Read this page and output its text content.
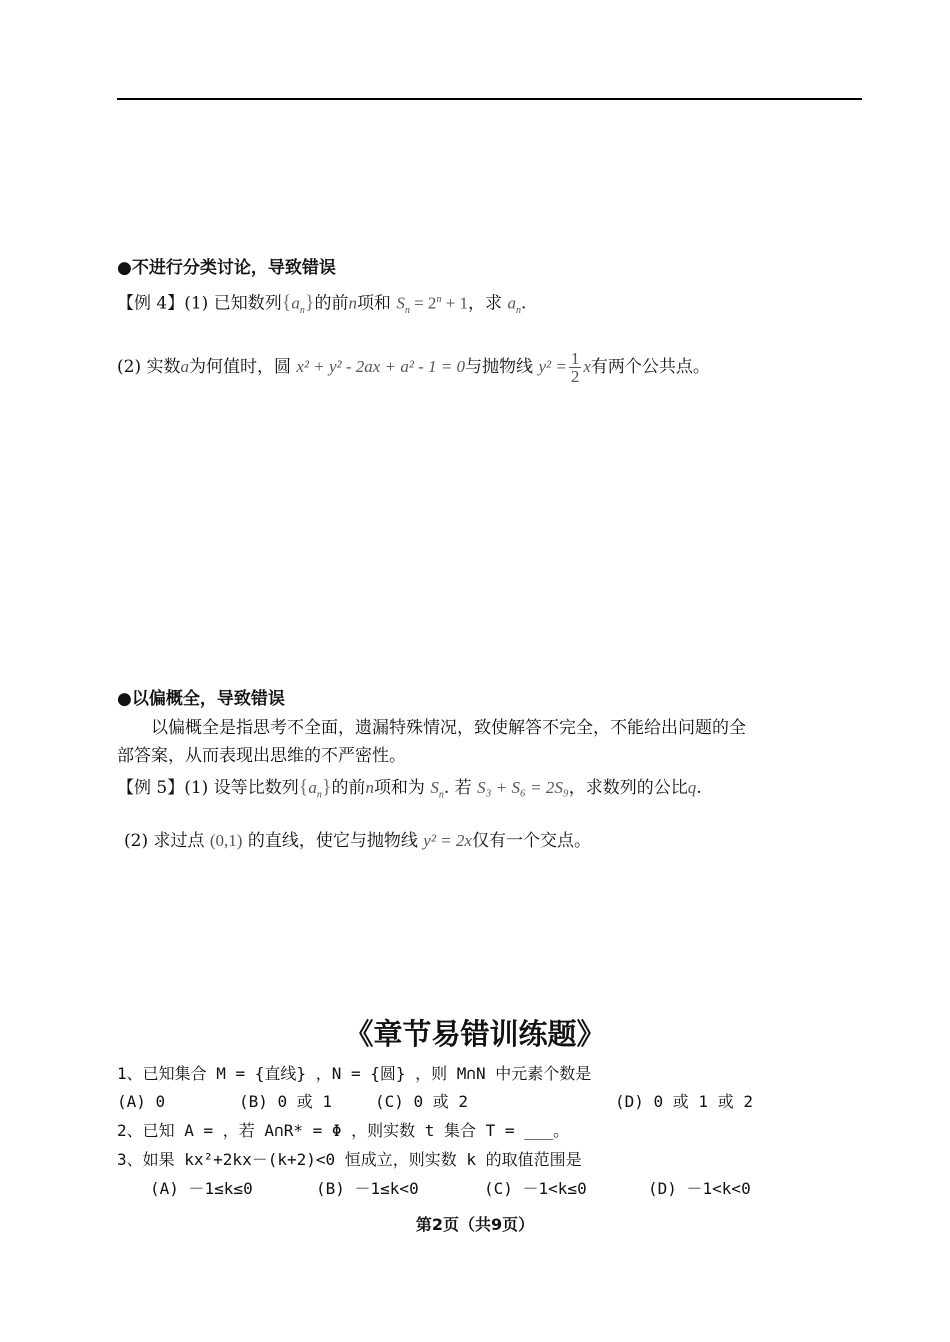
●不进行分类讨论，导致错误
【例 4】(1) 已知数列$\{a_n\}$的前n项和 $S_n = 2^n + 1$，求 $a_n$.
(2) 实数a为何值时，圆 x² + y² - 2ax + a² - 1 = 0与抛物线 $y^2 = \frac{1}{2}$ x有两个公共点。
●以偏概全，导致错误
以偏概全是指思考不全面，遗漏特殊情况，致使解答不完全，不能给出问题的全
部答案，从而表现出思维的不严密性。
【例 5】(1) 设等比数列$\{a_n\}$的前n项和为 $S_n$. 若 S₃ + S₆ = 2S₉，求数列的公比q.
(2) 求过点 (0,1) 的直线，使它与抛物线 y² = 2x仅有一个交点。
《章节易错训练题》
1、已知集合 M = {直线} ，N = {圆} ，则 M∩N 中元素个数是
(A) 0	(B) 0 或 1	(C) 0 或 2	(D) 0 或 1 或 2
2、已知 A = ，若 A∩R* = Φ ，则实数 t 集合 T = ___。
3、如果 kx²+2kx－(k+2)<0 恒成立，则实数 k 的取值范围是
(A) －1≤k≤0	(B) －1≤k<0	(C) －1<k≤0	(D) －1<k<0
第2页（共9页）
